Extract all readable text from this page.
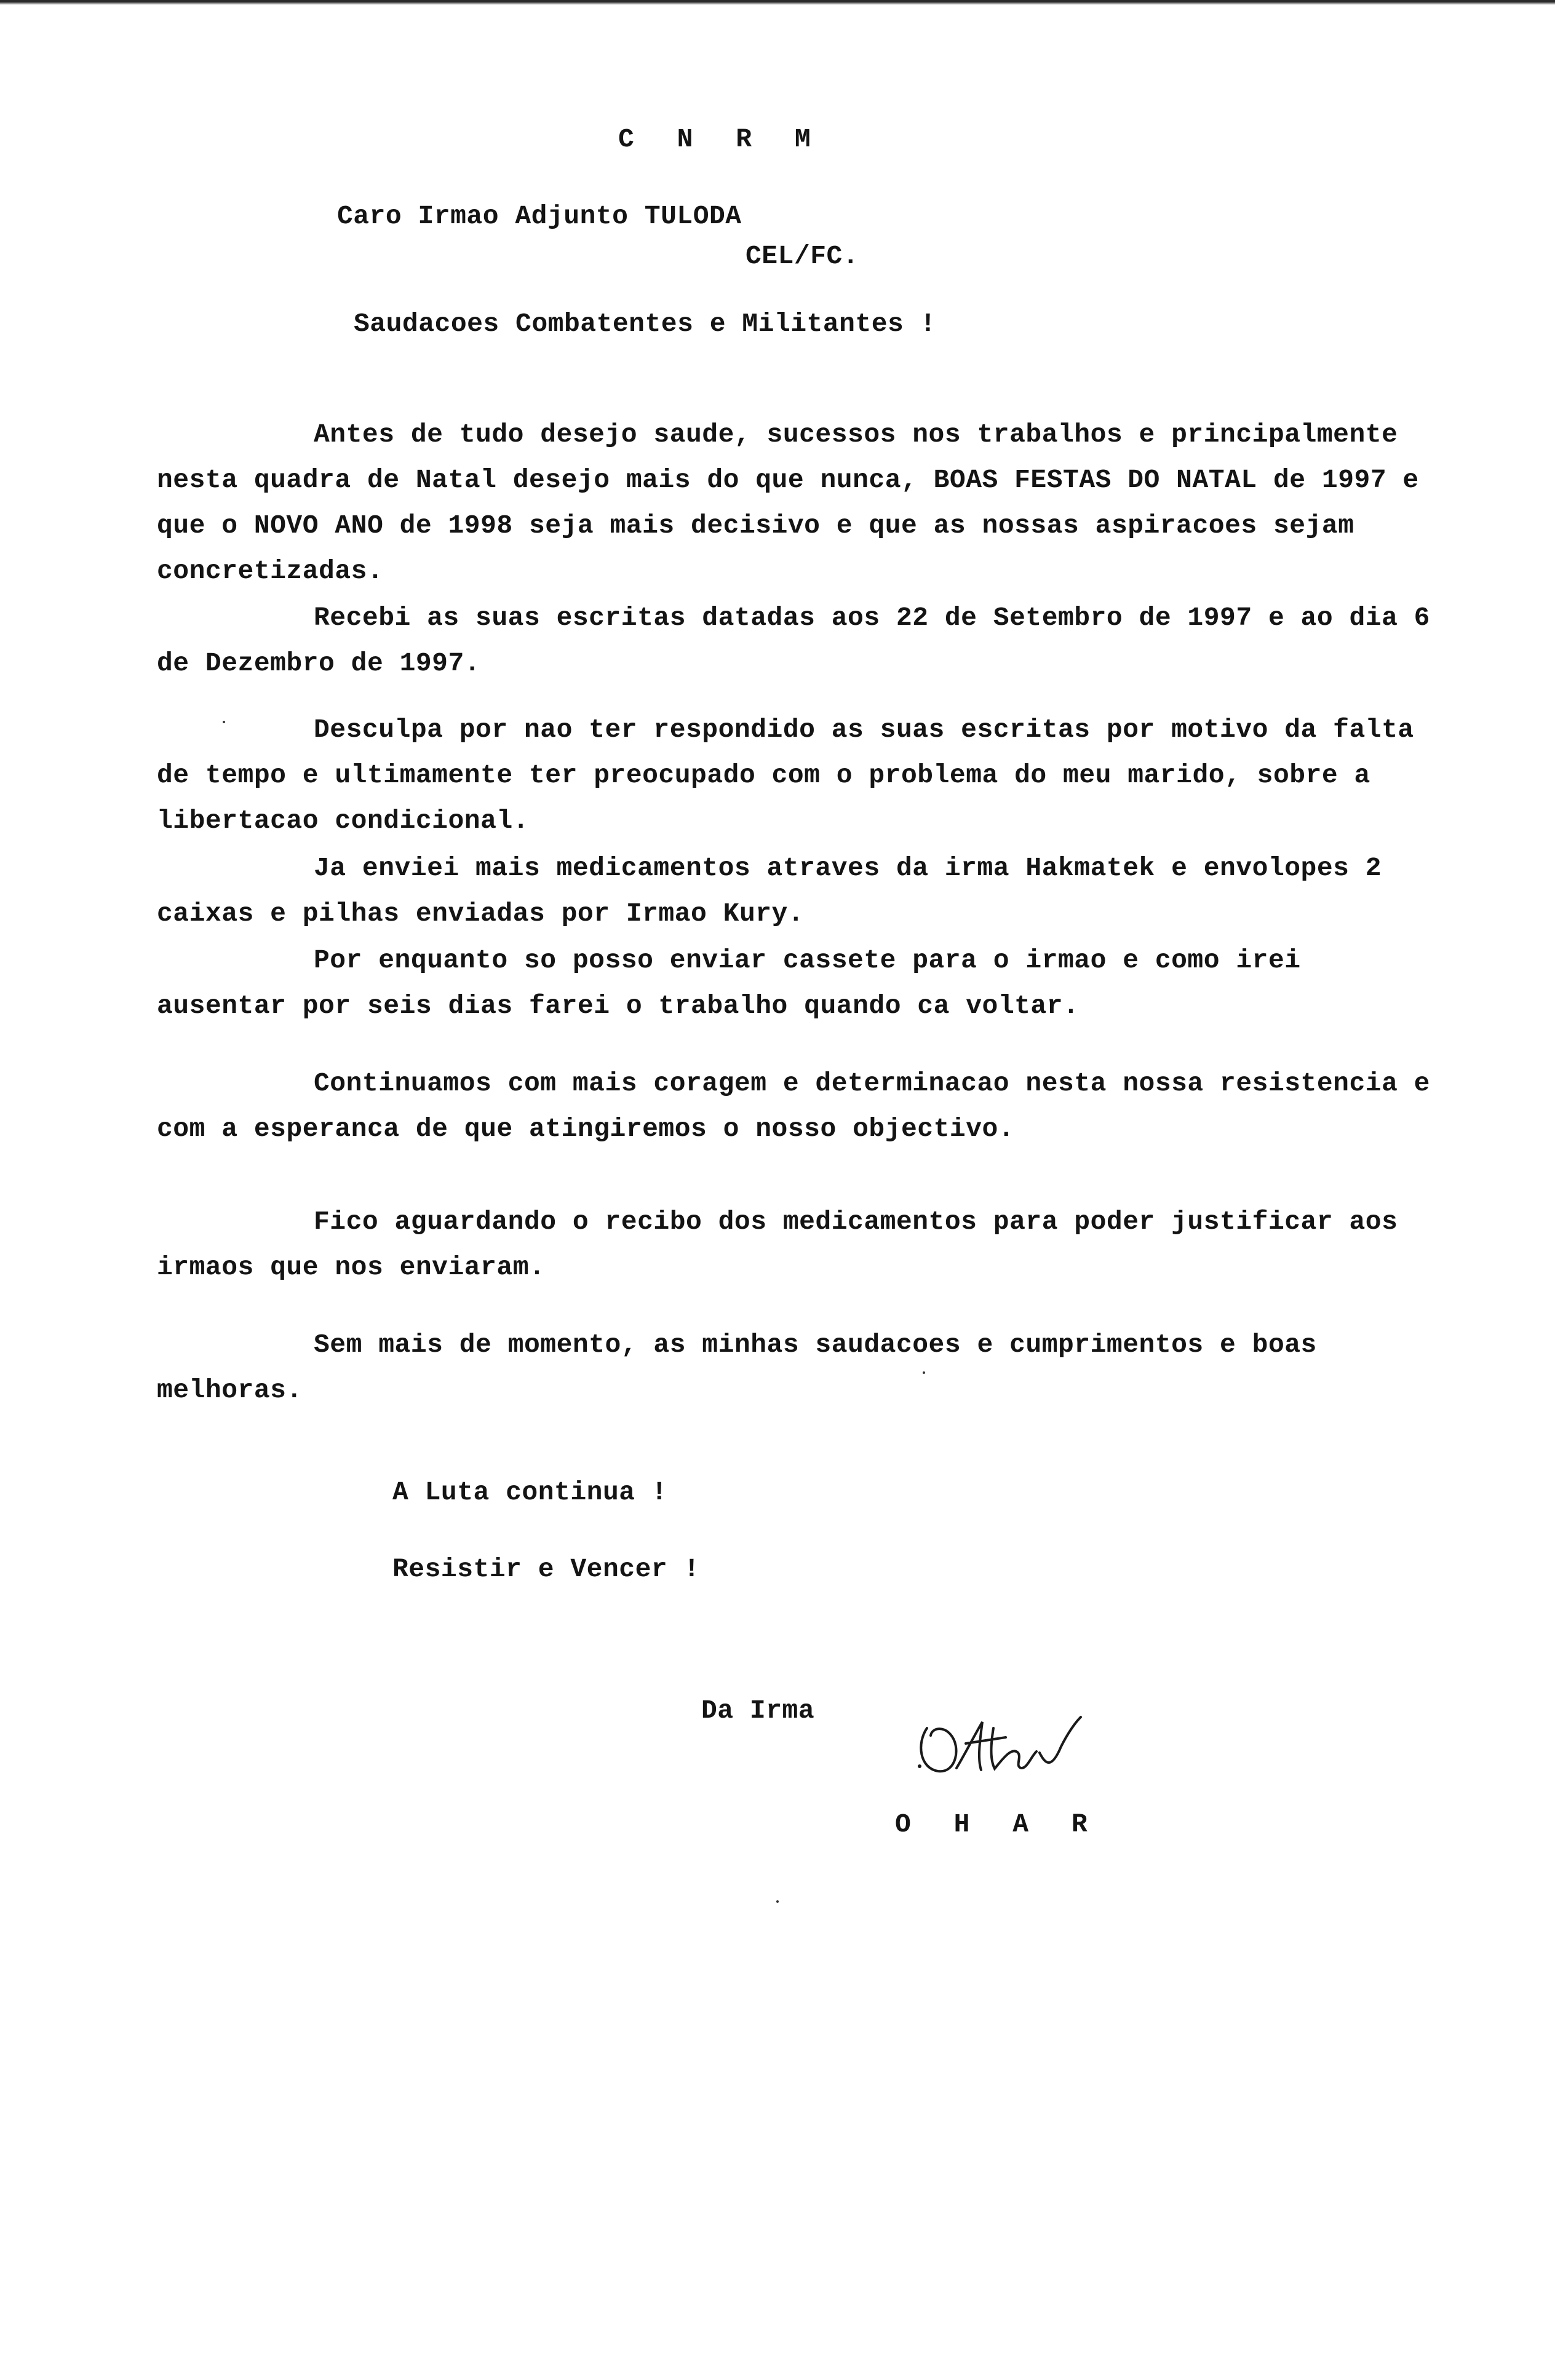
C N R M
Caro Irmao Adjunto TULODA
CEL/FC.
Saudacoes Combatentes e Militantes !
Antes de tudo desejo saude, sucessos nos trabalhos e principalmente nesta quadra de Natal desejo mais do que nunca, BOAS FESTAS DO NATAL de 1997 e que o NOVO ANO de 1998 seja mais decisivo e que as nossas aspiracoes sejam concretizadas.
Recebi as suas escritas datadas aos 22 de Setembro de 1997 e ao dia 6 de Dezembro de 1997.
Desculpa por nao ter respondido as suas escritas por motivo da falta de tempo e ultimamente ter preocupado com o problema do meu marido, sobre a libertacao condicional.
Ja enviei mais medicamentos atraves da irma Hakmatek e envolopes 2 caixas e pilhas enviadas por Irmao Kury.
Por enquanto so posso enviar cassete para o irmao e como irei ausentar por seis dias farei o trabalho quando ca voltar.
Continuamos com mais coragem e determinacao nesta nossa resistencia e com a esperanca de que atingiremos o nosso objectivo.
Fico aguardando o recibo dos medicamentos para poder justificar aos irmaos que nos enviaram.
Sem mais de momento, as minhas saudacoes e cumprimentos e boas melhoras.
A Luta continua !
Resistir e Vencer !
Da Irma
O H A R
